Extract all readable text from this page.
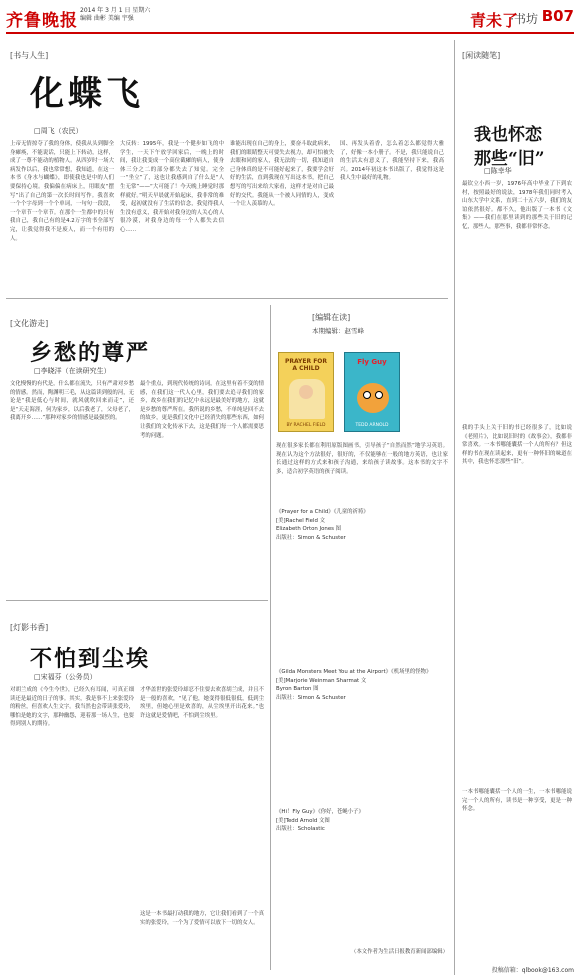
齐鲁晚报
2014 年 3 月 1 日 星期六
编辑 曲彬 美编 宇强	青未了
·书坊 B07
[书与人生]
化蝶飞
□周飞（农民）
上帝无情掠夺了我的身体，使我从头到脚全身瘫痪，不能说话，只能上下转动，这样，成了一尊不能动的植物人。从四岁时一场大病发作以后，我也常常想，我知道，在这一本书《身水与蝴蝶》，即使我也是中的人们要保持心境。我偏偏在病床上，用眼皮“摆写”出了自己的第一次长时间写作。我喜欢一个个字母到一个个单词，一句句一段段，一个章节一个章节。在那个一生都中的只有我自己，我自己有的是4.2万字的书全部写完，让我觉得我不是废人，而一个有用的人。
大反转：1995年，我是一个健步如飞的中学生，一天下午放学回家后，一晚上的时间，我让我变成一个高位截瘫的病人，使身体三分之二的部分都失去了知觉。完全一“坐立”了，这也让我感到自了什么是“人生无常”——“大可能了！今天晚上睡觉时那样就好。”明天早晨就开始起床，我非常的难受，起初就没有了生活的信念，我觉得我人生没有意义，我开始对我身边的人关心的人很冷漠，对我身边的每一个人都失去信心……
谁能出现在自己的身上，要奋斗取此病来，我们的眼睛整天可要失去视力，却可怕被失去眼和同的家人，我无法的一切，我知道自己身体真的是不可能好起来了，我要学会好好的生活，直到我现在写出这本书，把自己想写的写出来给大家看，这样才是对自己最好的交代。我能从一个被人同情的人，变成一个让人羡慕的人。
国、再发头着香，怎么着怎么都觉得大雅了，好像一本小册子。不是，我只能说自己的生活太有意义了，我能坚持下来，我高兴。2014年初这本书出版了，我觉得这是我人生中最好的礼物。
[文化游走]
乡愁的尊严
□李晓洋（在读研究生）
文化慢慢的有代是，什么都在流失，只有严肃对乡愁的情感。然而，陶渊明三毛，从这篇读到般的河，无论是“我是低心与时间，就风就吹回来而走”，还是“天走海涯，何为家乡，以后我老了，父母老了，我离开乡……”那种对家乡的情感是最强烈的。
最个重点，到现代传统的诗词，在这里有着不变的情感，在我们这一代人心里，我们要去追寻我们的家乡，故乡在我们的记忆中永远是最美好的地方，这就是乡愁的尊严所在。我所说的乡愁，不单纯是回不去的故乡，更是我们文化中已经消失的那些东西，如何让我们的文化传承下去，这是我们每一个人都需要思考的问题。
[编辑在读]
本期编辑：赵雪峰
PRAYER FOR A CHILD
BY RACHEL FIELD
Fly Guy
TEDD ARNOLD
现在很多家长都在利用原版图画书，引导孩子“自然而然”地学习英语。现在认为这个方法很好，很好的，不仅能够在一般的地方英语，也让家长通过这样的方式来和孩子沟通，来给孩子读故事。这本书的文字不多，适合初学英语的孩子阅读。
《Prayer for a Child》《儿童的祈祷》
[美]Rachel Field 文
Elizabeth Orton Jones 图
出版社：Simon & Schuster
《Gilda Monsters Meet You at the Airport》《机场里的怪物》
[美]Marjorie Weinman Sharmat 文
Byron Barton 图
出版社：Simon & Schuster
《Hi！Fly Guy》《你好，苍蝇小子》
[美]Tedd Arnold 文图
出版社：Scholastic
（本文作者为生活日报教育新闻部编辑）
[灯影书香]
不怕到尘埃
□宋福芬（公务员）
对胡兰成的《今生今世》，已经久有耳闻，可真正细读还是最近的日子的事。其实，我是事不上来张爱玲的粉丝，但喜欢人生文字。我当然也会带读张爱玲，哪怕是她的文字，那种幽怨，迎着那一场人生，也要得到别人的期待。
才华盖世的张爱玲却忍不住要去欢喜胡兰成，并且不是一般的喜欢，“见了他，她变得很低很低，低到尘埃里，但她心里是欢喜的，从尘埃里开出花来。”也许这就是爱情吧，不怕到尘埃里。
这是一本书最打动我的地方，它让我们看到了一个真实的张爱玲，一个为了爱情可以放下一切的女人。
[闲读随笔]
我也怀恋
那些“旧”
□陈幸华
最钦立小西一岁，1976年高中毕业了下到农村，按照最好的说法，1978年我们同时考入山东大学中文系，直到二十五六岁，我们的友谊依然很好。都不久，他出版了一本书《文集》——我们在那里读到的那些关于旧的记忆，那些人，那些事，我都非常怀念。
我的手头上关于旧的书已经很多了，比如说《老照片》，比如说旧时的《故事会》，我都非常喜欢。一本书哪能囊括一个人的所有？但这样的书在现在读起来，更有一种怀旧的味道在其中，我也怀恋那些“旧”。
一本书哪能囊括一个人的一生，一本书哪能说完一个人的所有，读书是一种享受，更是一种怀念。
投稿信箱：qlbook@163.com
